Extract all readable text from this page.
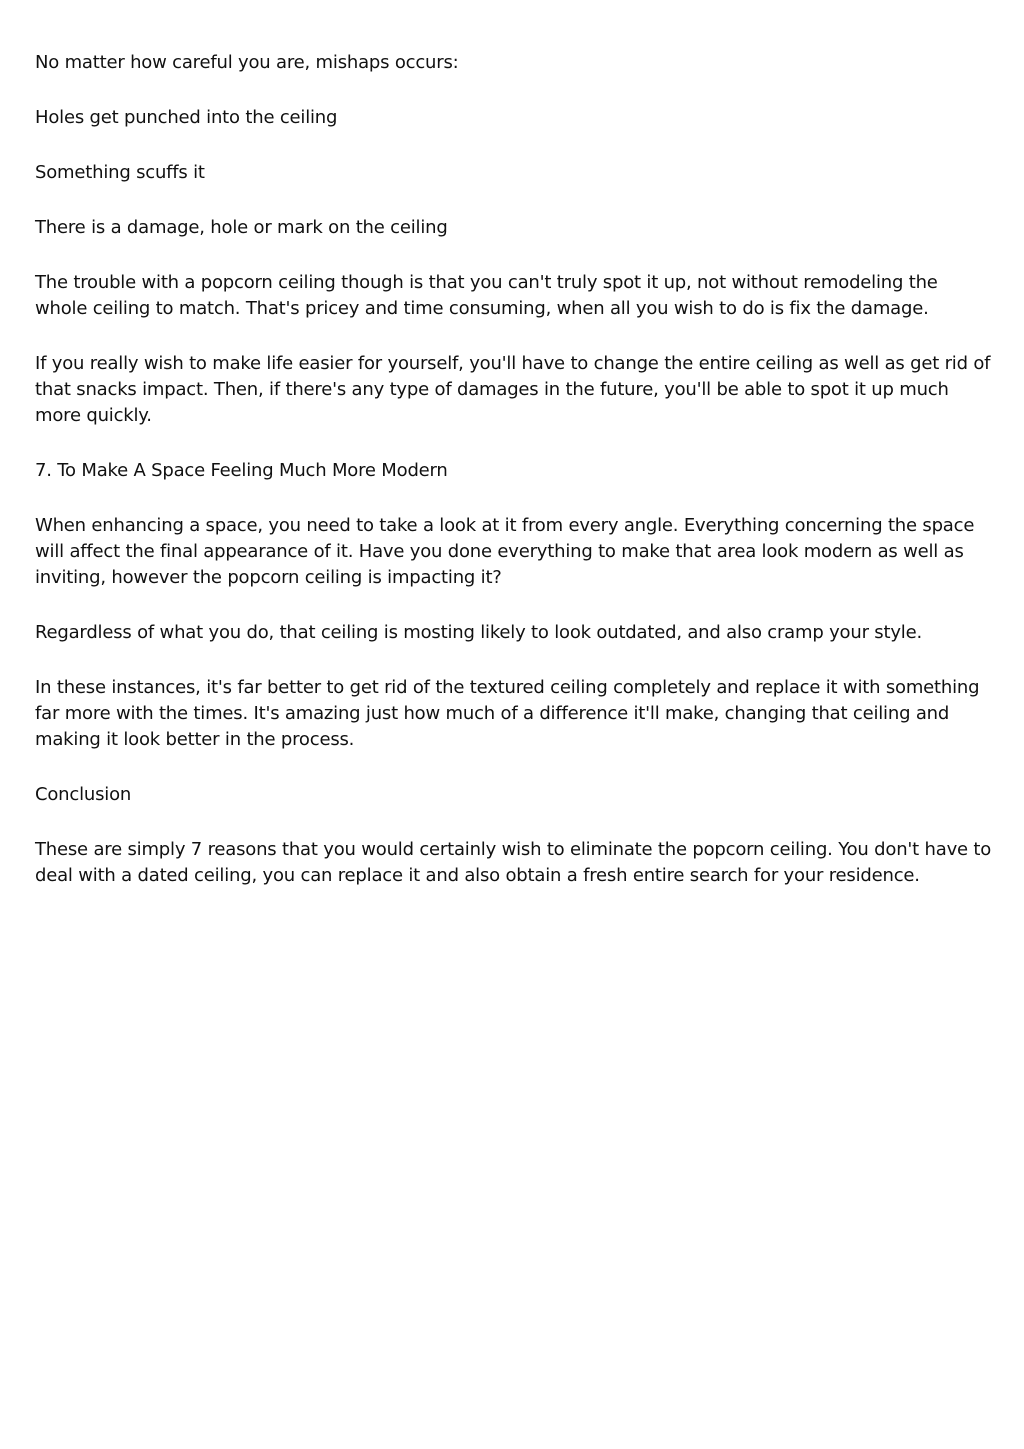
No matter how careful you are, mishaps occurs:

Holes get punched into the ceiling

Something scuffs it

There is a damage, hole or mark on the ceiling

The trouble with a popcorn ceiling though is that you can't truly spot it up, not without remodeling the whole ceiling to match. That's pricey and time consuming, when all you wish to do is fix the damage.

If you really wish to make life easier for yourself, you'll have to change the entire ceiling as well as get rid of that snacks impact. Then, if there's any type of damages in the future, you'll be able to spot it up much more quickly.

7. To Make A Space Feeling Much More Modern

When enhancing a space, you need to take a look at it from every angle. Everything concerning the space will affect the final appearance of it. Have you done everything to make that area look modern as well as inviting, however the popcorn ceiling is impacting it?

Regardless of what you do, that ceiling is mosting likely to look outdated, and also cramp your style.

In these instances, it's far better to get rid of the textured ceiling completely and replace it with something far more with the times. It's amazing just how much of a difference it'll make, changing that ceiling and making it look better in the process.

Conclusion

These are simply 7 reasons that you would certainly wish to eliminate the popcorn ceiling. You don't have to deal with a dated ceiling, you can replace it and also obtain a fresh entire search for your residence.
